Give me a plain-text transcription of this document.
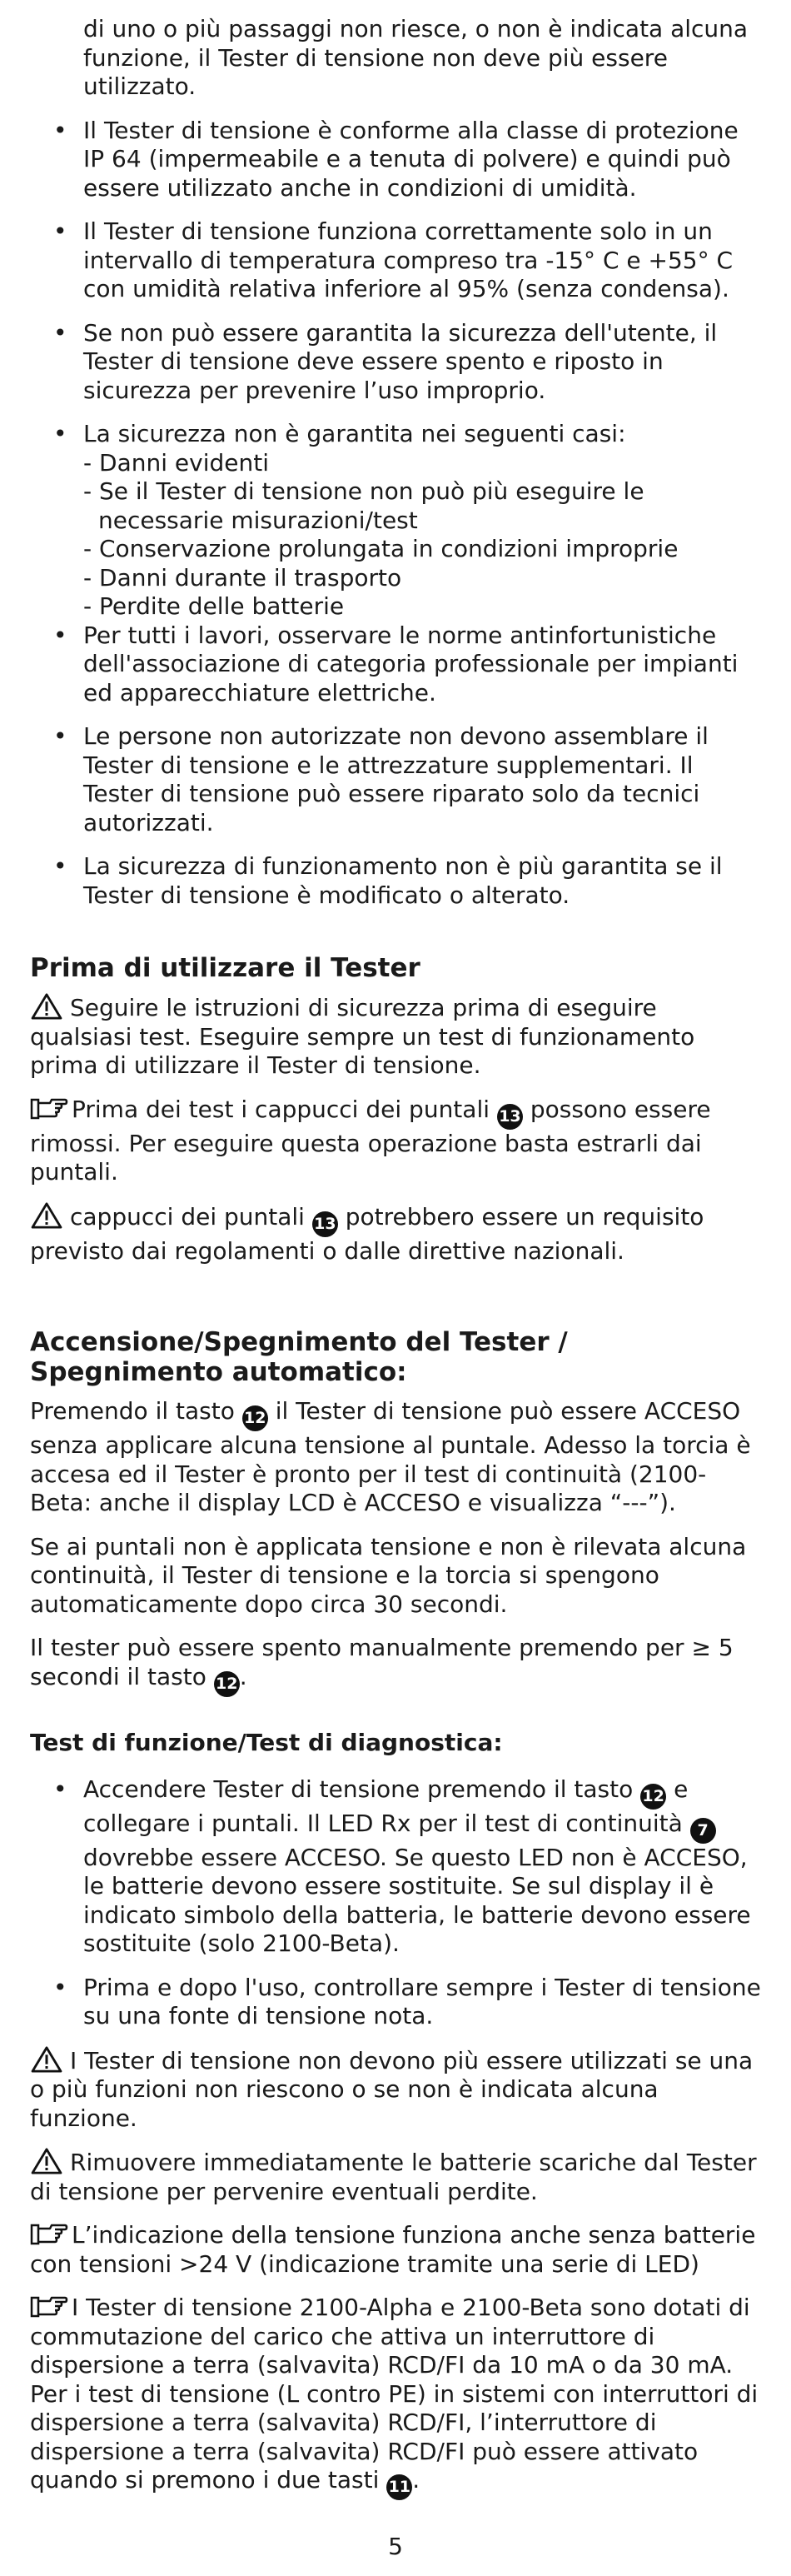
di uno o più passaggi non riesce, o non è indicata alcuna
funzione, il Tester di tensione non deve più essere
utilizzato.

• Il Tester di tensione è conforme alla classe di protezione IP 64 (impermeabile e a tenuta di polvere) e quindi può essere utilizzato anche in condizioni di umidità.
• Il Tester di tensione funziona correttamente solo in un intervallo di temperatura compreso tra -15° C e +55° C con umidità relativa inferiore al 95% (senza condensa).
• Se non può essere garantita la sicurezza dell'utente, il Tester di tensione deve essere spento e riposto in sicurezza per prevenire l’uso improprio.
• La sicurezza non è garantita nei seguenti casi:
- Danni evidenti
- Se il Tester di tensione non può più eseguire le
necessarie misurazioni/test
- Conservazione prolungata in condizioni improprie
- Danni durante il trasporto
- Perdite delle batterie
• Per tutti i lavori, osservare le norme antinfortunistiche dell'associazione di categoria professionale per impianti ed apparecchiature elettriche.
• Le persone non autorizzate non devono assemblare il Tester di tensione e le attrezzature supplementari. Il Tester di tensione può essere riparato solo da tecnici autorizzati.
• La sicurezza di funzionamento non è più garantita se il Tester di tensione è modificato o alterato.
Prima di utilizzare il Tester

Seguire le istruzioni di sicurezza prima di eseguire qualsiasi test. Eseguire sempre un test di funzionamento prima di utilizzare il Tester di tensione.

Prima dei test i cappucci dei puntali 13 possono essere rimossi. Per eseguire questa operazione basta estrarli dai puntali.

cappucci dei puntali 13 potrebbero essere un requisito previsto dai regolamenti o dalle direttive nazionali.

Accensione/Spegnimento del Tester / Spegnimento automatico:

Premendo il tasto 12 il Tester di tensione può essere ACCESO senza applicare alcuna tensione al puntale. Adesso la torcia è accesa ed il Tester è pronto per il test di continuità (2100-Beta: anche il display LCD è ACCESO e visualizza “---”).

Se ai puntali non è applicata tensione e non è rilevata alcuna continuità, il Tester di tensione e la torcia si spengono automaticamente dopo circa 30 secondi.

Il tester può essere spento manualmente premendo per ≥ 5 secondi il tasto 12.

Test di funzione/Test di diagnostica:
• Accendere Tester di tensione premendo il tasto 12 e collegare i puntali. Il LED Rx per il test di continuità 7 dovrebbe essere ACCESO. Se questo LED non è ACCESO, le batterie devono essere sostituite. Se sul display il è indicato simbolo della batteria, le batterie devono essere sostituite (solo 2100-Beta).
• Prima e dopo l'uso, controllare sempre i Tester di tensione su una fonte di tensione nota.

I Tester di tensione non devono più essere utilizzati se una o più funzioni non riescono o se non è indicata alcuna funzione.

Rimuovere immediatamente le batterie scariche dal Tester di tensione per pervenire eventuali perdite.

L’indicazione della tensione funziona anche senza batterie con tensioni >24 V (indicazione tramite una serie di LED)

I Tester di tensione 2100-Alpha e 2100-Beta sono dotati di commutazione del carico che attiva un interruttore di dispersione a terra (salvavita) RCD/FI da 10 mA o da 30 mA. Per i test di tensione (L contro PE) in sistemi con interruttori di dispersione a terra (salvavita) RCD/FI, l’interruttore di dispersione a terra (salvavita) RCD/FI può essere attivato quando si premono i due tasti 11.

5
